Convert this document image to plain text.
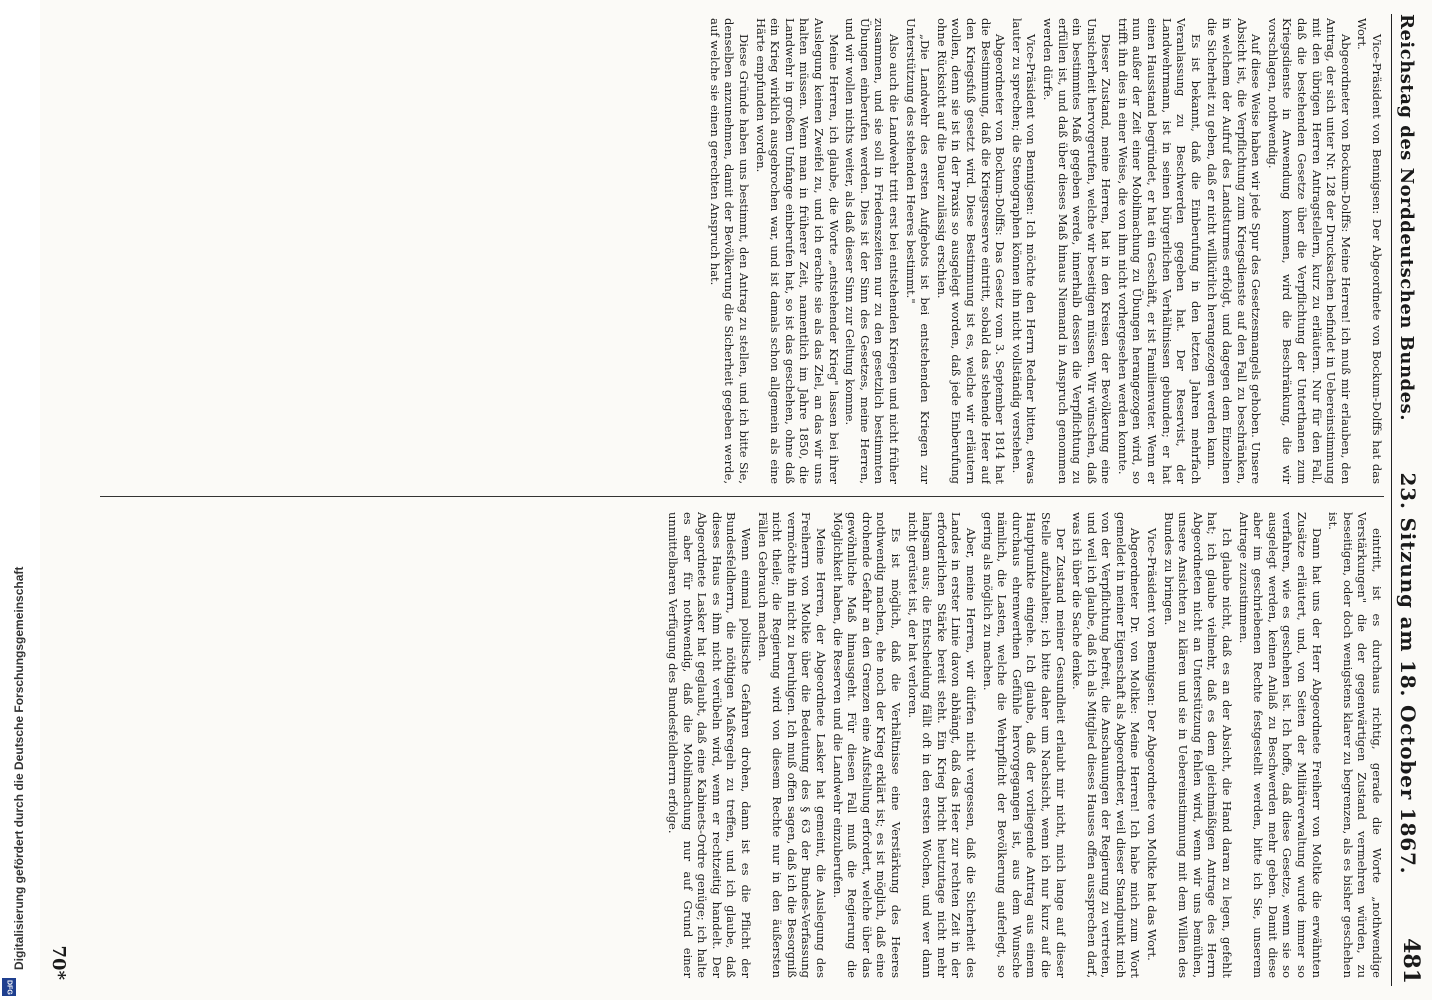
Digitalisierung gefördert durch die Deutsche Forschungsgemeinschaft
DFG
Reichstag des Norddeutschen Bundes.
23. Sitzung am 18. October 1867.
481

Vice-Präsident von Bennigsen: Der Abgeordnete von Bockum-Dolffs hat das Wort.

Abgeordneter von Bockum-Dolffs: Meine Herren! ich muß mir erlauben, den Antrag, der sich unter Nr. 128 der Drucksachen befindet in Uebereinstimmung mit den übrigen Herren Antragstellern, kurz zu erläutern. Nur für den Fall, daß die bestehenden Gesetze über die Verpflichtung der Unterthanen zum Kriegsdienste in Anwendung kommen, wird die Beschränkung, die wir vorschlagen, nothwendig.

Auf diese Weise haben wir jede Spur des Gesetzesmangels gehoben. Unsere Absicht ist, die Verpflichtung zum Kriegsdienste auf den Fall zu beschränken, in welchem der Aufruf des Landsturmes erfolgt, und dagegen dem Einzelnen die Sicherheit zu geben, daß er nicht willkürlich herangezogen werden kann.

Es ist bekannt, daß die Einberufung in den letzten Jahren mehrfach Veranlassung zu Beschwerden gegeben hat. Der Reservist, der Landwehrmann, ist in seinen bürgerlichen Verhältnissen gebunden; er hat einen Hausstand begründet, er hat ein Geschäft, er ist Familienvater. Wenn er nun außer der Zeit einer Mobilmachung zu Übungen herangezogen wird, so trifft ihn dies in einer Weise, die von ihm nicht vorhergesehen werden konnte.

Dieser Zustand, meine Herren, hat in den Kreisen der Bevölkerung eine Unsicherheit hervorgerufen, welche wir beseitigen müssen. Wir wünschen, daß ein bestimmtes Maß gegeben werde, innerhalb dessen die Verpflichtung zu erfüllen ist, und daß über dieses Maß hinaus Niemand in Anspruch genommen werden dürfe.

Vice-Präsident von Bennigsen: Ich möchte den Herrn Redner bitten, etwas lauter zu sprechen; die Stenographen können ihn nicht vollständig verstehen.

Abgeordneter von Bockum-Dolffs: Das Gesetz vom 3. September 1814 hat die Bestimmung, daß die Kriegsreserve eintritt, sobald das stehende Heer auf den Kriegsfuß gesetzt wird. Diese Bestimmung ist es, welche wir erläutern wollen, denn sie ist in der Praxis so ausgelegt worden, daß jede Einberufung ohne Rücksicht auf die Dauer zulässig erschien.

„Die Landwehr des ersten Aufgebots ist bei entstehenden Kriegen zur Unterstützung des stehenden Heeres bestimmt."

Also auch die Landwehr tritt erst bei entstehenden Kriegen und nicht früher zusammen, und sie soll in Friedenszeiten nur zu den gesetzlich bestimmten Übungen einberufen werden. Dies ist der Sinn des Gesetzes, meine Herren, und wir wollen nichts weiter, als daß dieser Sinn zur Geltung komme.

Meine Herren, ich glaube, die Worte „entstehender Krieg" lassen bei ihrer Auslegung keinen Zweifel zu, und ich erachte sie als das Ziel, an das wir uns halten müssen. Wenn man in früherer Zeit, namentlich im Jahre 1850, die Landwehr in großem Umfange einberufen hat, so ist das geschehen, ohne daß ein Krieg wirklich ausgebrochen war, und ist damals schon allgemein als eine Härte empfunden worden.

Diese Gründe haben uns bestimmt, den Antrag zu stellen, und ich bitte Sie, denselben anzunehmen, damit der Bevölkerung die Sicherheit gegeben werde, auf welche sie einen gerechten Anspruch hat.

eintritt, ist es durchaus richtig, gerade die Worte „nothwendige Verstärkungen" die der gegenwärtigen Zustand vermehren würden, zu beseitigen, oder doch wenigstens klarer zu begrenzen, als es bisher geschehen ist.

Dann hat uns der Herr Abgeordnete Freiherr von Moltke die erwähnten Zusätze erläutert, und, von Seiten der Militärverwaltung wurde immer so verfahren, wie es geschehen ist. Ich hoffe, daß diese Gesetze, wenn sie so ausgelegt werden, keinen Anlaß zu Beschwerden mehr geben. Damit diese aber im geschriebenen Rechte festgestellt werden, bitte ich Sie, unserem Antrage zuzustimmen.

Ich glaube nicht, daß es an der Absicht, die Hand daran zu legen, gefehlt hat; ich glaube vielmehr, daß es dem gleichmäßigen Antrage des Herrn Abgeordneten nicht an Unterstützung fehlen wird, wenn wir uns bemühen, unsere Ansichten zu klären und sie in Uebereinstimmung mit dem Willen des Bundes zu bringen.

Vice-Präsident von Bennigsen: Der Abgeordnete von Moltke hat das Wort.

Abgeordneter Dr. von Moltke: Meine Herren! Ich habe mich zum Wort gemeldet in meiner Eigenschaft als Abgeordneter, weil dieser Standpunkt mich von der Verpflichtung befreit, die Anschauungen der Regierung zu vertreten, und weil ich glaube, daß ich als Mitglied dieses Hauses offen aussprechen darf, was ich über die Sache denke.

Der Zustand meiner Gesundheit erlaubt mir nicht, mich lange auf dieser Stelle aufzuhalten; ich bitte daher um Nachsicht, wenn ich nur kurz auf die Hauptpunkte eingehe. Ich glaube, daß der vorliegende Antrag aus einem durchaus ehrenwerthen Gefühle hervorgegangen ist, aus dem Wunsche nämlich, die Lasten, welche die Wehrpflicht der Bevölkerung auferlegt, so gering als möglich zu machen.

Aber, meine Herren, wir dürfen nicht vergessen, daß die Sicherheit des Landes in erster Linie davon abhängt, daß das Heer zur rechten Zeit in der erforderlichen Stärke bereit steht. Ein Krieg bricht heutzutage nicht mehr langsam aus; die Entscheidung fällt oft in den ersten Wochen, und wer dann nicht gerüstet ist, der hat verloren.

Es ist möglich, daß die Verhältnisse eine Verstärkung des Heeres nothwendig machen, ehe noch der Krieg erklärt ist; es ist möglich, daß eine drohende Gefahr an den Grenzen eine Aufstellung erfordert, welche über das gewöhnliche Maß hinausgeht. Für diesen Fall muß die Regierung die Möglichkeit haben, die Reserven und die Landwehr einzuberufen.

Meine Herren, der Abgeordnete Lasker hat gemeint, die Auslegung des Freiherrn von Moltke über die Bedeutung des § 63 der Bundes-Verfassung vermöchte ihn nicht zu beruhigen. Ich muß offen sagen, daß ich die Besorgniß nicht theile; die Regierung wird von diesem Rechte nur in den äußersten Fällen Gebrauch machen.

Wenn einmal politische Gefahren drohen, dann ist es die Pflicht der Bundesfeldherrn, die nöthigen Maßregeln zu treffen, und ich glaube, daß dieses Haus es ihm nicht verübeln wird, wenn er rechtzeitig handelt. Der Abgeordnete Lasker hat geglaubt, daß eine Kabinets-Ordre genüge; ich halte es aber für nothwendig, daß die Mobilmachung nur auf Grund einer unmittelbaren Verfügung des Bundesfeldherrn erfolge.

70*
